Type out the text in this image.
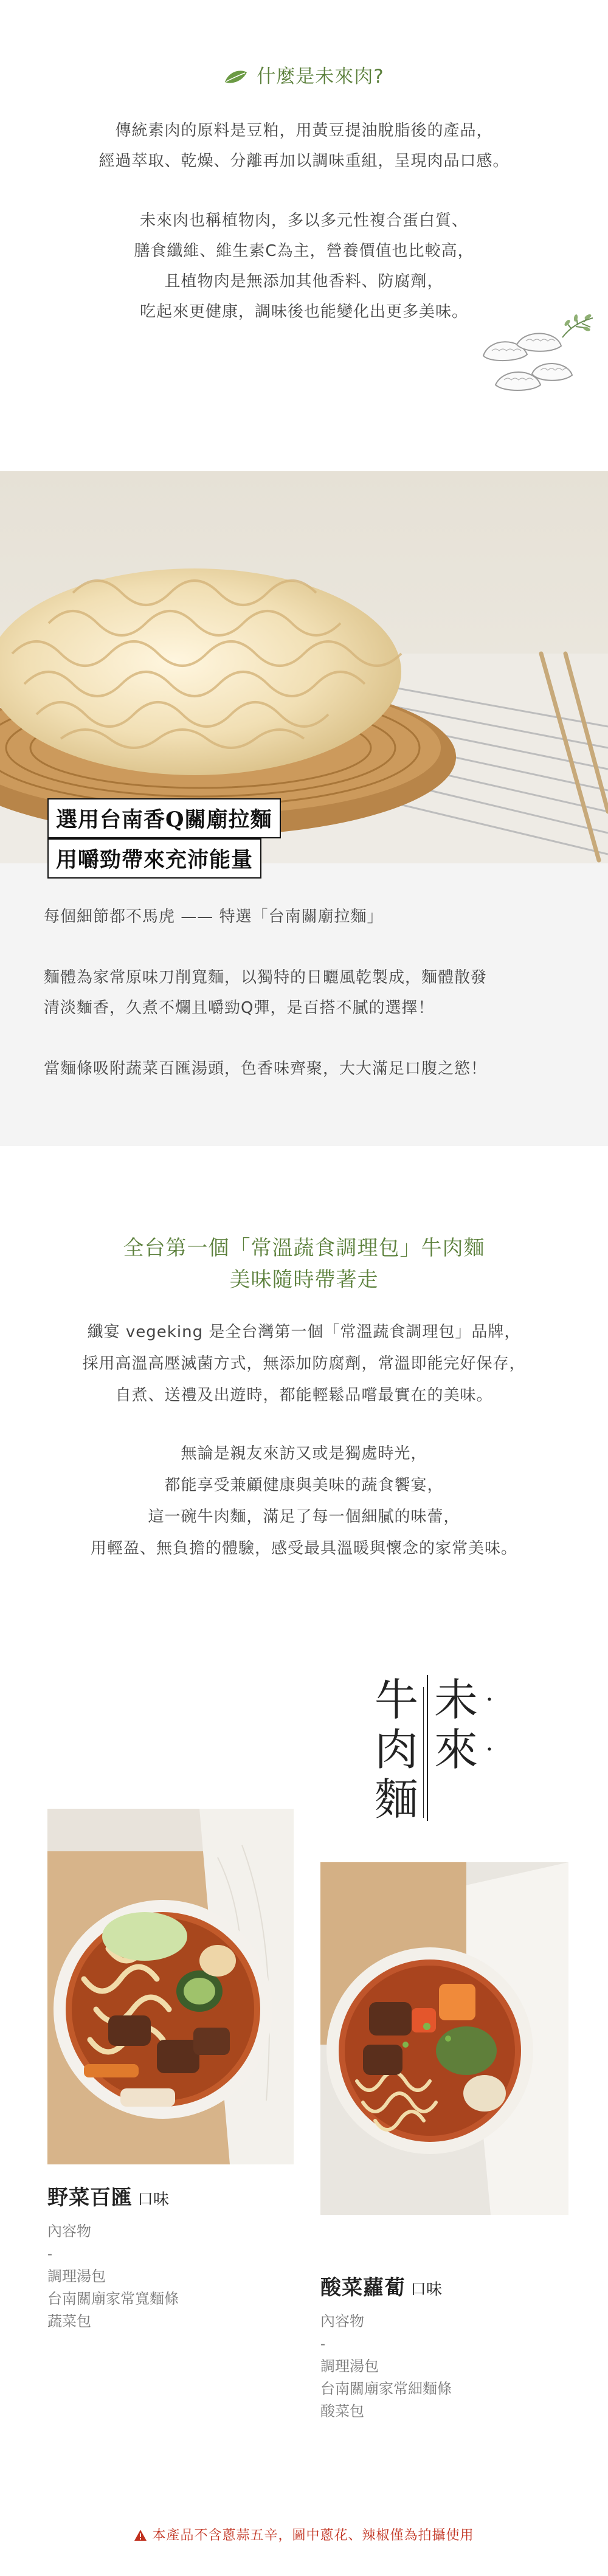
什麼是未來肉?
傳統素肉的原料是豆粕，用黃豆提油脫脂後的產品，
經過萃取、乾燥、分離再加以調味重組，呈現肉品口感。
未來肉也稱植物肉，多以多元性複合蛋白質、
膳食纖維、維生素C為主，營養價值也比較高，
且植物肉是無添加其他香料、防腐劑，
吃起來更健康，調味後也能變化出更多美味。
選用台南香Q關廟拉麵
用嚼勁帶來充沛能量

每個細節都不馬虎 —— 特選「台南關廟拉麵」

麵體為家常原味刀削寬麵，以獨特的日曬風乾製成，麵體散發

清淡麵香，久煮不爛且嚼勁Q彈，是百搭不膩的選擇！

當麵條吸附蔬菜百匯湯頭，色香味齊聚，大大滿足口腹之慾！

全台第一個「常溫蔬食調理包」牛肉麵
美味隨時帶著走
纖宴 vegeking 是全台灣第一個「常溫蔬食調理包」品牌，
採用高溫高壓滅菌方式，無添加防腐劑，常溫即能完好保存，
自煮、送禮及出遊時，都能輕鬆品嚐最實在的美味。
無論是親友來訪又或是獨處時光，
都能享受兼顧健康與美味的蔬食饗宴，
這一碗牛肉麵，滿足了每一個細膩的味蕾，
用輕盈、無負擔的體驗，感受最具溫暖與懷念的家常美味。
未
來
·
·
牛
肉
麵
野菜百匯 口味
內容物
-
調理湯包
台南關廟家常寬麵條
蔬菜包
酸菜蘿蔔 口味
內容物
-
調理湯包
台南關廟家常細麵條
酸菜包
本產品不含蔥蒜五辛，圖中蔥花、辣椒僅為拍攝使用
